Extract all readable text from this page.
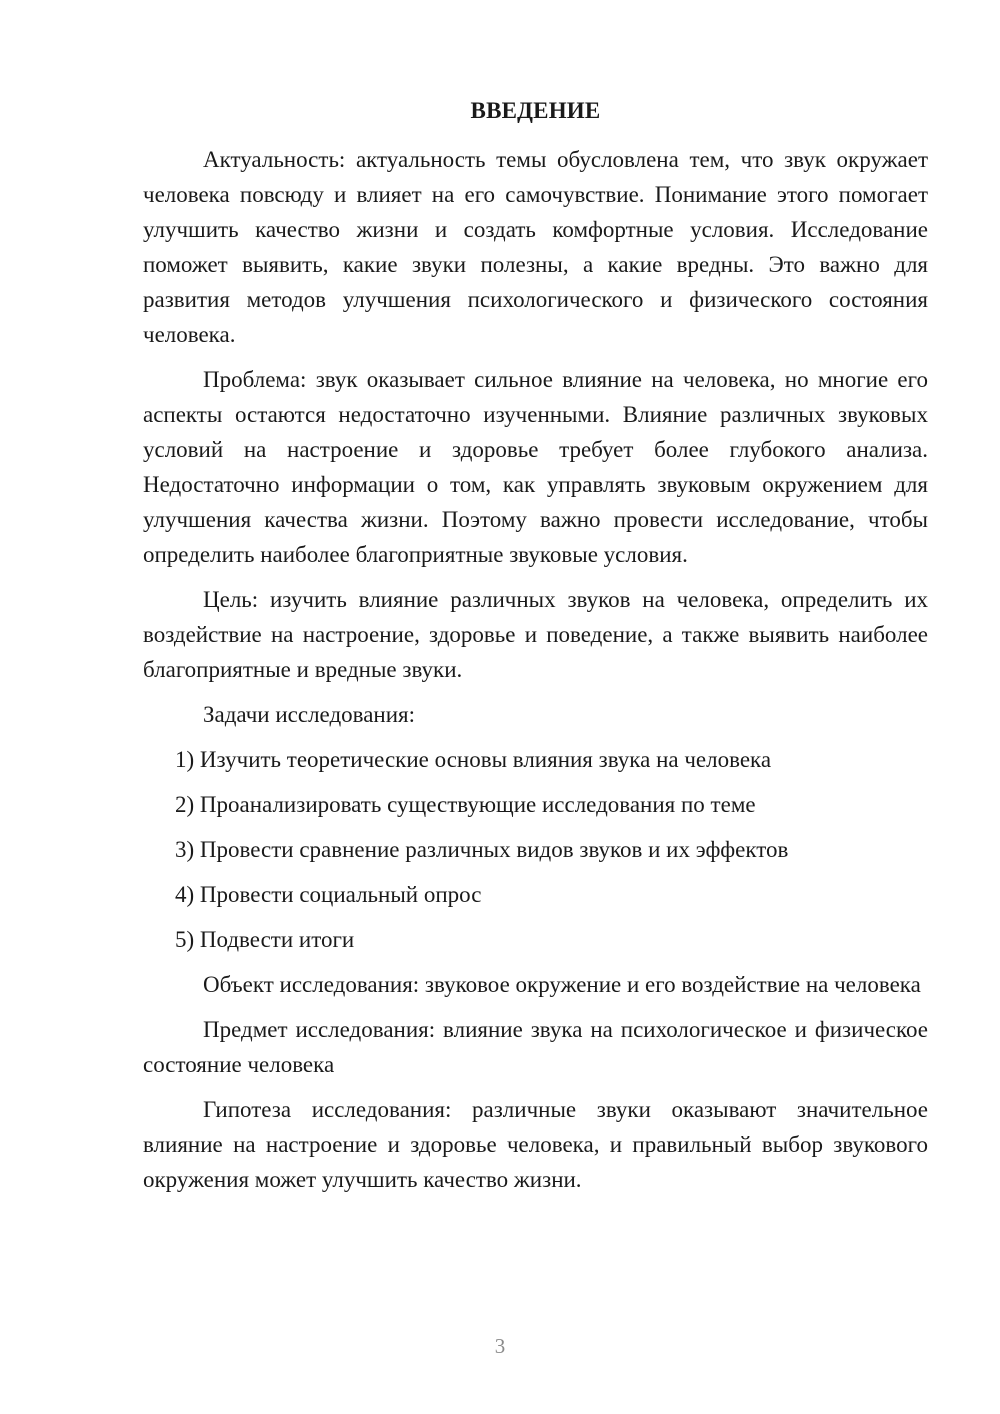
ВВЕДЕНИЕ

Актуальность: актуальность темы обусловлена тем, что звук окружает человека повсюду и влияет на его самочувствие. Понимание этого помогает улучшить качество жизни и создать комфортные условия. Исследование поможет выявить, какие звуки полезны, а какие вредны. Это важно для развития методов улучшения психологического и физического состояния человека.

Проблема: звук оказывает сильное влияние на человека, но многие его аспекты остаются недостаточно изученными. Влияние различных звуковых условий на настроение и здоровье требует более глубокого анализа. Недостаточно информации о том, как управлять звуковым окружением для улучшения качества жизни. Поэтому важно провести исследование, чтобы определить наиболее благоприятные звуковые условия.

Цель: изучить влияние различных звуков на человека, определить их воздействие на настроение, здоровье и поведение, а также выявить наиболее благоприятные и вредные звуки.

Задачи исследования:

1) Изучить теоретические основы влияния звука на человека

2) Проанализировать существующие исследования по теме

3) Провести сравнение различных видов звуков и их эффектов

4) Провести социальный опрос

5) Подвести итоги

Объект исследования: звуковое окружение и его воздействие на человека

Предмет исследования: влияние звука на психологическое и физическое состояние человека

Гипотеза исследования: различные звуки оказывают значительное влияние на настроение и здоровье человека, и правильный выбор звукового окружения может улучшить качество жизни.

3
